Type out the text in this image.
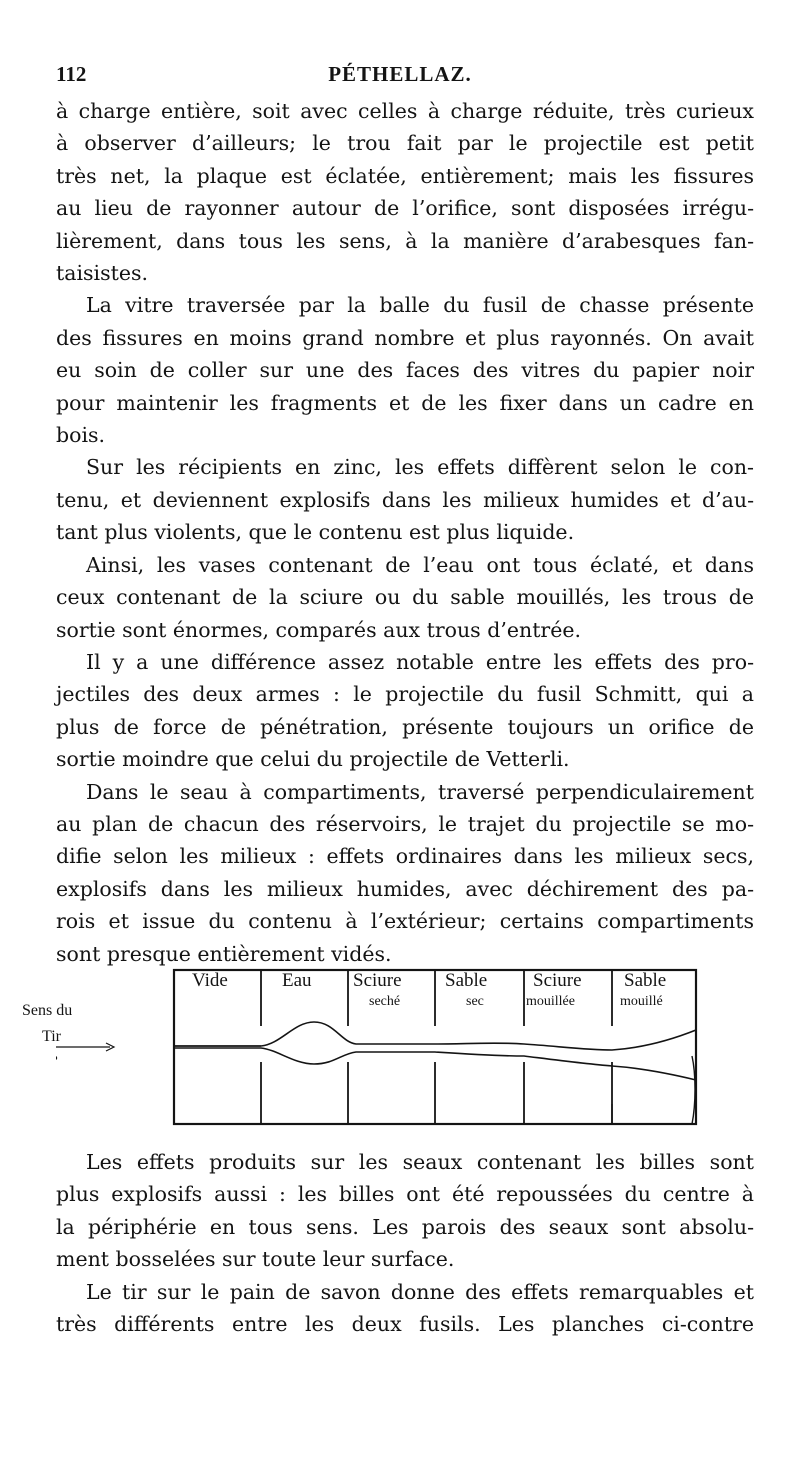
112	PÉTHELLAZ.
à charge entière, soit avec celles à charge réduite, très curieux
à observer d’ailleurs; le trou fait par le projectile est petit
très net, la plaque est éclatée, entièrement; mais les fissures
au lieu de rayonner autour de l’orifice, sont disposées irrégu-
lièrement, dans tous les sens, à la manière d’arabesques fan-
taisistes.
La vitre traversée par la balle du fusil de chasse présente
des fissures en moins grand nombre et plus rayonnés. On avait
eu soin de coller sur une des faces des vitres du papier noir
pour maintenir les fragments et de les fixer dans un cadre en
bois.
Sur les récipients en zinc, les effets diffèrent selon le con-
tenu, et deviennent explosifs dans les milieux humides et d’au-
tant plus violents, que le contenu est plus liquide.
Ainsi, les vases contenant de l’eau ont tous éclaté, et dans
ceux contenant de la sciure ou du sable mouillés, les trous de
sortie sont énormes, comparés aux trous d’entrée.
Il y a une différence assez notable entre les effets des pro-
jectiles des deux armes : le projectile du fusil Schmitt, qui a
plus de force de pénétration, présente toujours un orifice de
sortie moindre que celui du projectile de Vetterli.
Dans le seau à compartiments, traversé perpendiculairement
au plan de chacun des réservoirs, le trajet du projectile se mo-
difie selon les milieux : effets ordinaires dans les milieux secs,
explosifs dans les milieux humides, avec déchirement des pa-
rois et issue du contenu à l’extérieur; certains compartiments
sont presque entièrement vidés.
Sens du
Tir
Vide	Eau Sciure
seché
Sable
sec
Sciure
mouillée
Sable
mouillé
Les effets produits sur les seaux contenant les billes sont
plus explosifs aussi : les billes ont été repoussées du centre à
la périphérie en tous sens. Les parois des seaux sont absolu-
ment bosselées sur toute leur surface.
Le tir sur le pain de savon donne des effets remarquables et
très différents entre les deux fusils. Les planches ci-contre
